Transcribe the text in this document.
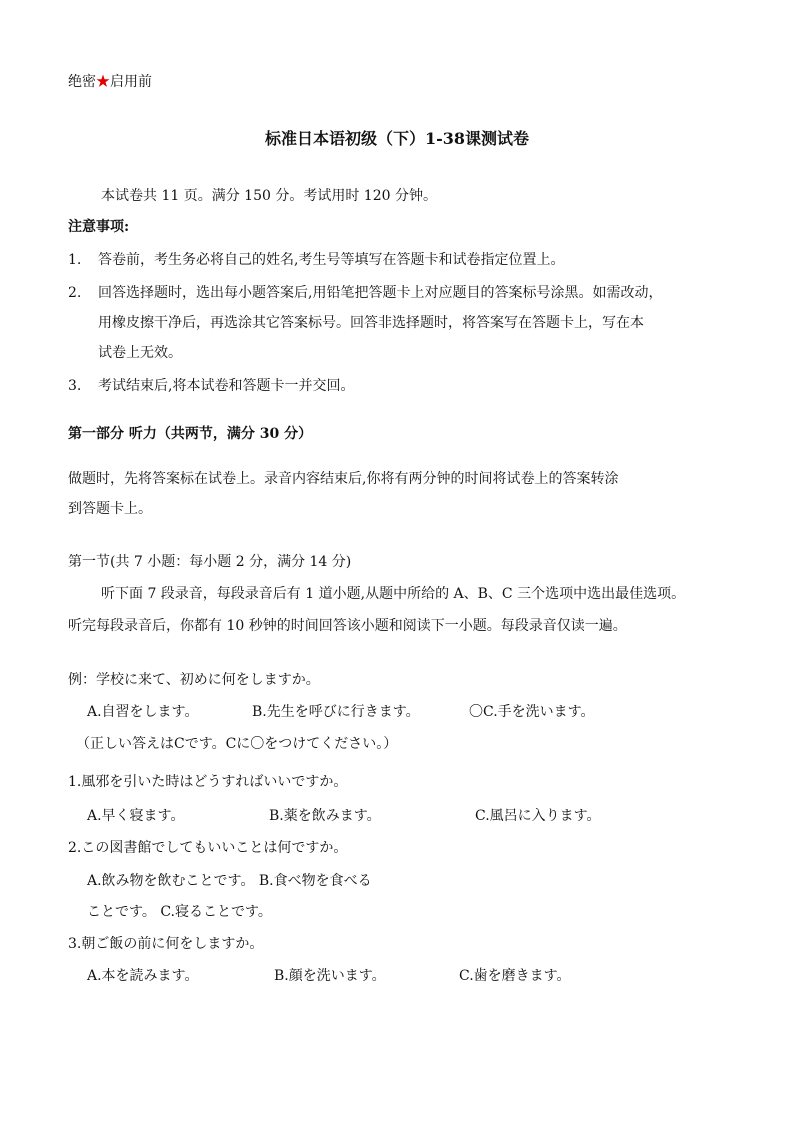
绝密★启用前
标准日本语初级（下）1-38课测试卷
本试卷共 11 页。满分 150 分。考试用时 120 分钟。
注意事项:
1. 答卷前，考生务必将自己的姓名,考生号等填写在答题卡和试卷指定位置上。
2. 回答选择题时，选出每小题答案后,用铅笔把答题卡上对应题目的答案标号涂黑。如需改动，
用橡皮擦干净后，再选涂其它答案标号。回答非选择题时，将答案写在答题卡上，写在本
试卷上无效。
3. 考试结束后,将本试卷和答题卡一并交回。
第一部分 听力（共两节，满分 30 分）
做题时，先将答案标在试卷上。录音内容结束后,你将有两分钟的时间将试卷上的答案转涂
到答题卡上。
第一节(共 7 小题：每小题 2 分，满分 14 分)
听下面 7 段录音，每段录音后有 1 道小题,从题中所给的 A、B、C 三个选项中选出最佳选项。
听完每段录音后，你都有 10 秒钟的时间回答该小题和阅读下一小题。每段录音仅读一遍。
例：学校に来て、初めに何をしますか。
A.自習をします。	B.先生を呼びに行きます。	〇C.手を洗います。
（正しい答えはCです。Cに〇をつけてください。）
1.風邪を引いた時はどうすればいいですか。
A.早く寝ます。	B.薬を飲みます。	C.風呂に入ります。
2.この図書館でしてもいいことは何ですか。
A.飲み物を飲むことです。 B.食べ物を食べる
ことです。 C.寝ることです。
3.朝ご飯の前に何をしますか。
A.本を読みます。	B.顔を洗います。	C.歯を磨きます。
